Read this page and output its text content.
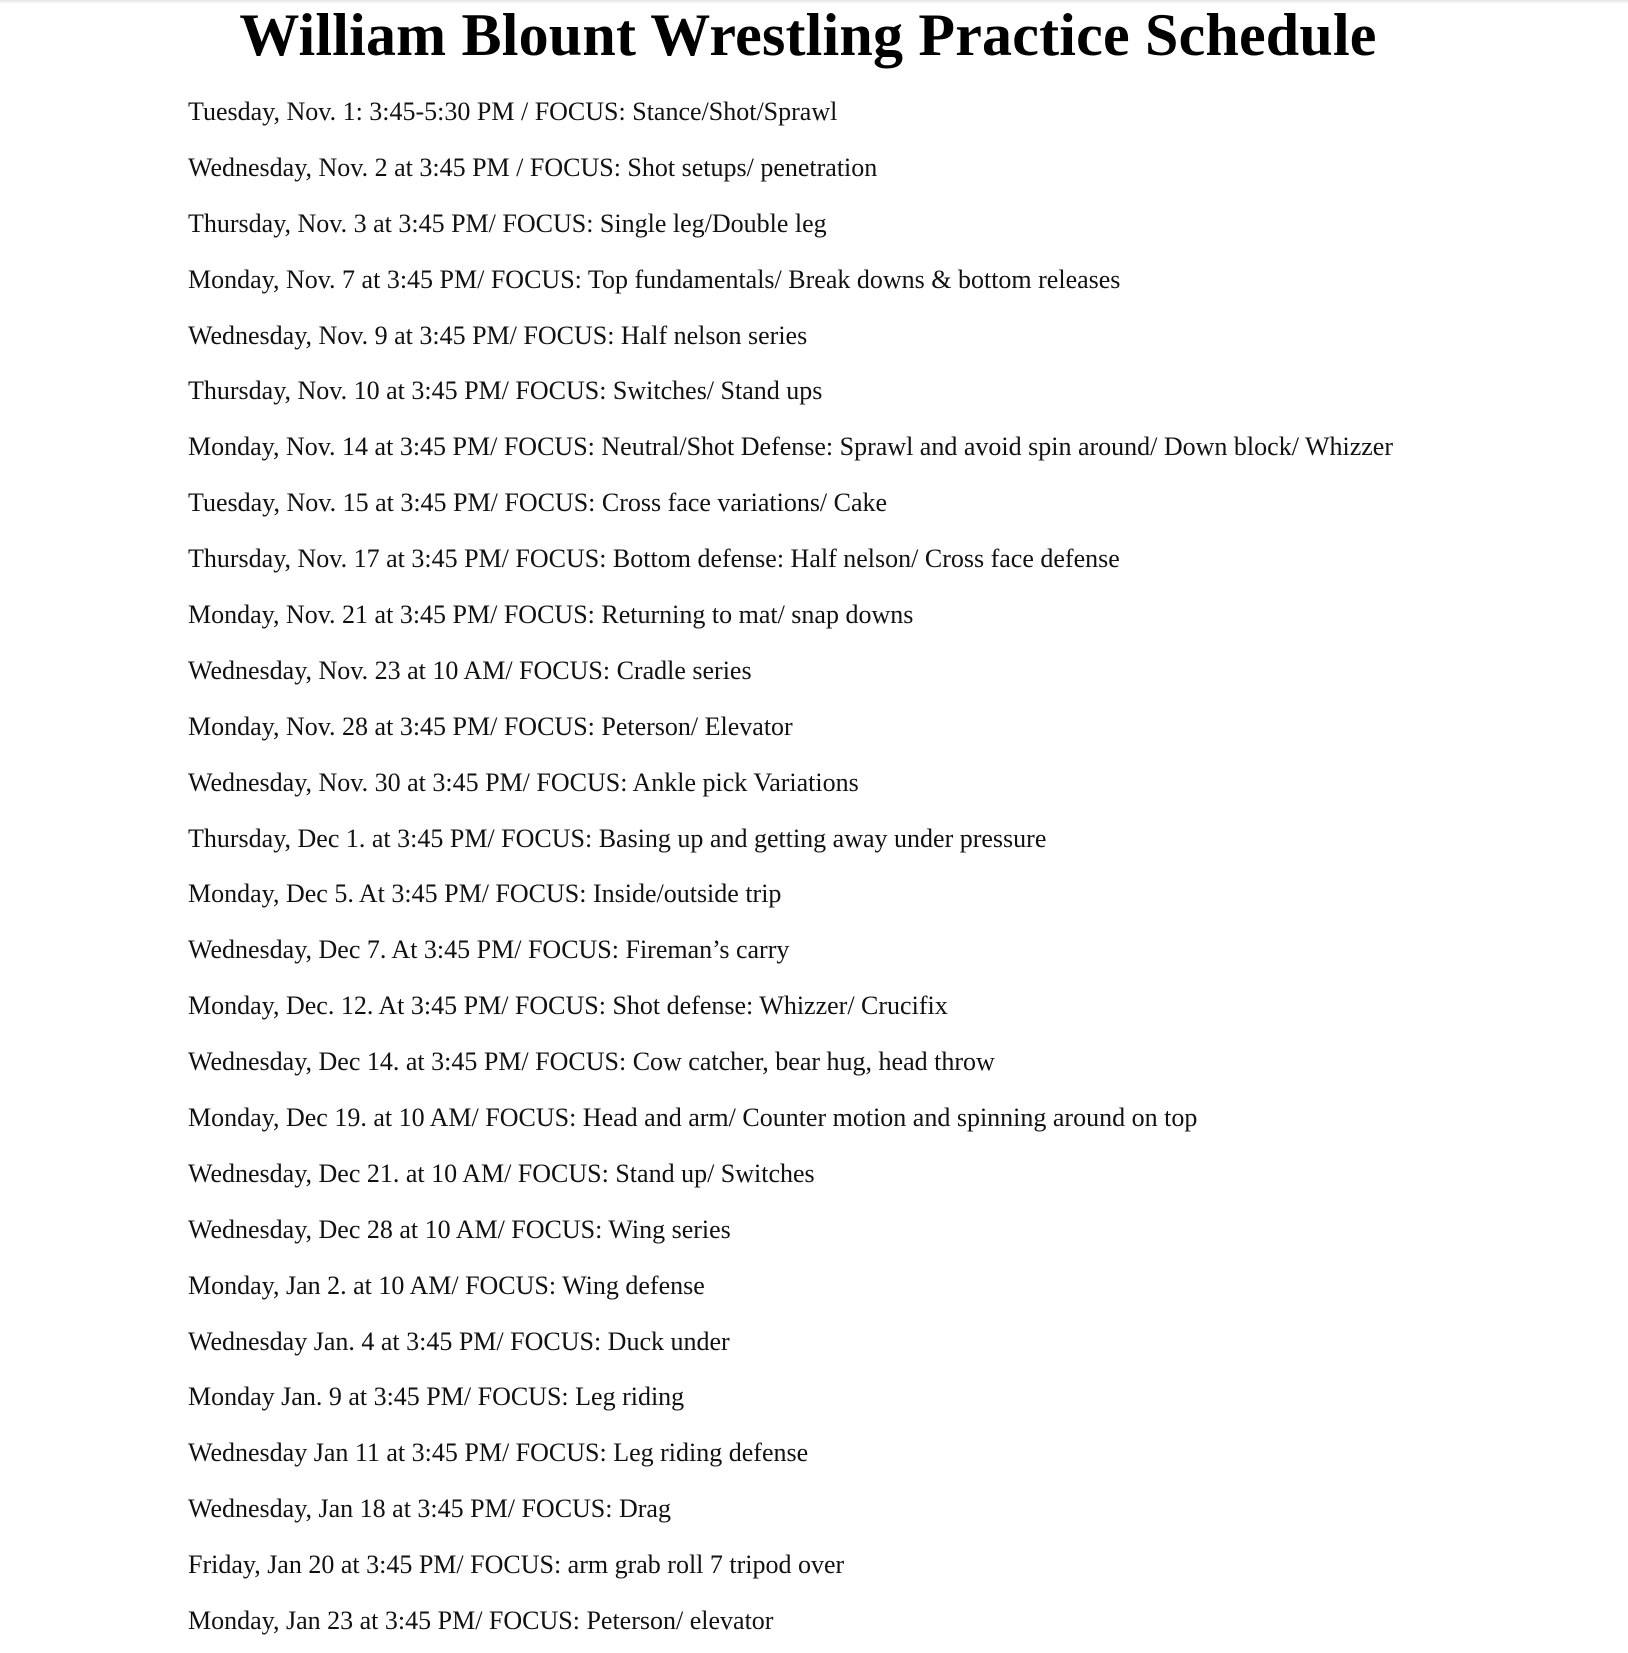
William Blount Wrestling Practice Schedule
Tuesday, Nov. 1: 3:45-5:30 PM / FOCUS: Stance/Shot/Sprawl
Wednesday, Nov. 2 at 3:45 PM / FOCUS: Shot setups/ penetration
Thursday, Nov. 3 at 3:45 PM/ FOCUS: Single leg/Double leg
Monday, Nov. 7 at 3:45 PM/ FOCUS: Top fundamentals/ Break downs & bottom releases
Wednesday, Nov. 9 at 3:45 PM/ FOCUS: Half nelson series
Thursday, Nov. 10 at 3:45 PM/ FOCUS: Switches/ Stand ups
Monday, Nov. 14 at 3:45 PM/ FOCUS: Neutral/Shot Defense: Sprawl and avoid spin around/ Down block/ Whizzer
Tuesday, Nov. 15 at 3:45 PM/ FOCUS: Cross face variations/ Cake
Thursday, Nov. 17 at 3:45 PM/ FOCUS: Bottom defense: Half nelson/ Cross face defense
Monday, Nov. 21 at 3:45 PM/ FOCUS: Returning to mat/ snap downs
Wednesday, Nov. 23 at 10 AM/ FOCUS: Cradle series
Monday, Nov. 28 at 3:45 PM/ FOCUS: Peterson/ Elevator
Wednesday, Nov. 30 at 3:45 PM/ FOCUS: Ankle pick Variations
Thursday, Dec 1. at 3:45 PM/ FOCUS: Basing up and getting away under pressure
Monday, Dec 5. At 3:45 PM/ FOCUS: Inside/outside trip
Wednesday, Dec 7. At 3:45 PM/ FOCUS: Fireman’s carry
Monday, Dec. 12. At 3:45 PM/ FOCUS: Shot defense: Whizzer/ Crucifix
Wednesday, Dec 14. at 3:45 PM/ FOCUS: Cow catcher, bear hug, head throw
Monday, Dec 19. at 10 AM/ FOCUS: Head and arm/ Counter motion and spinning around on top
Wednesday, Dec 21. at 10 AM/ FOCUS: Stand up/ Switches
Wednesday, Dec 28 at 10 AM/ FOCUS: Wing series
Monday, Jan 2. at 10 AM/ FOCUS: Wing defense
Wednesday Jan. 4 at 3:45 PM/ FOCUS: Duck under
Monday Jan. 9 at 3:45 PM/ FOCUS: Leg riding
Wednesday Jan 11 at 3:45 PM/ FOCUS: Leg riding defense
Wednesday, Jan 18 at 3:45 PM/ FOCUS: Drag
Friday, Jan 20 at 3:45 PM/ FOCUS: arm grab roll 7 tripod over
Monday, Jan 23 at 3:45 PM/ FOCUS: Peterson/ elevator
